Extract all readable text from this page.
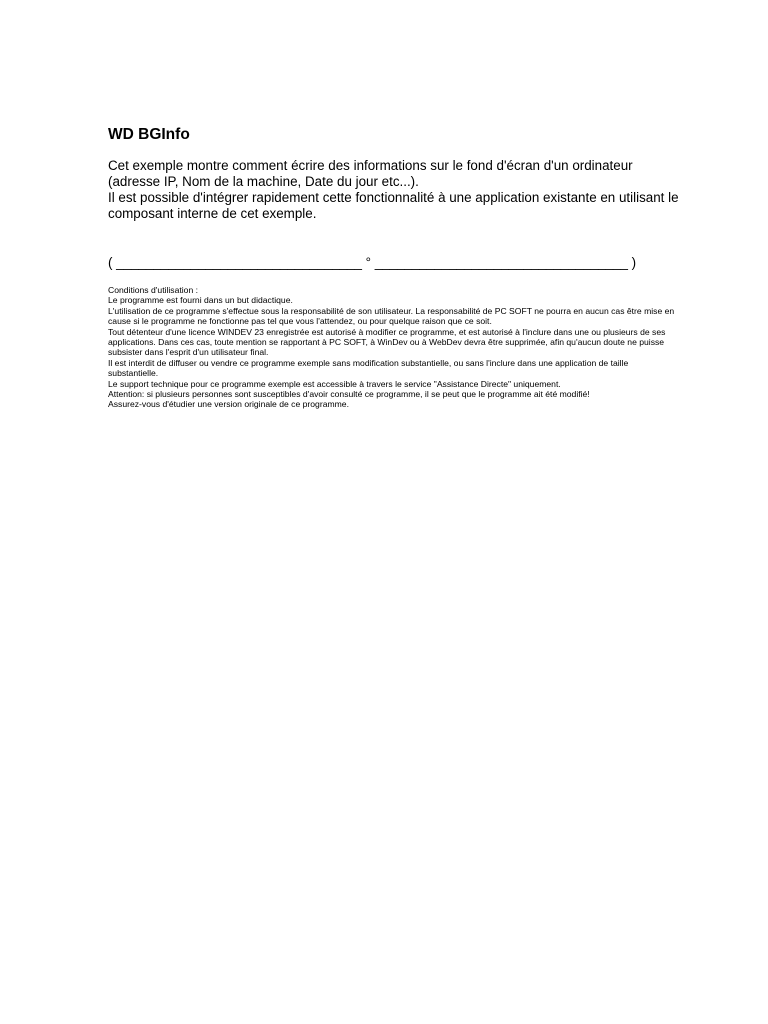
WD BGInfo

Cet exemple montre comment écrire des informations sur le fond d'écran d'un ordinateur (adresse IP, Nom de la machine, Date du jour etc...).

Il est possible d'intégrer rapidement cette fonctionnalité à une application existante en utilisant le composant interne de cet exemple.

( _________________________________ ° __________________________________ )

Conditions d'utilisation :

Le programme est fourni dans un but didactique.

L'utilisation de ce programme s'effectue sous la responsabilité de son utilisateur. La responsabilité de PC SOFT ne pourra en aucun cas être mise en cause si le programme ne fonctionne pas tel que vous l'attendez, ou pour quelque raison que ce soit.

Tout détenteur d'une licence WINDEV 23 enregistrée est autorisé à modifier ce programme, et est autorisé à l'inclure dans une ou plusieurs de ses applications. Dans ces cas, toute mention se rapportant à PC SOFT, à WinDev ou à WebDev devra être supprimée, afin qu'aucun doute ne puisse subsister dans l'esprit d'un utilisateur final.

Il est interdit de diffuser ou vendre ce programme exemple sans modification substantielle, ou sans l'inclure dans une application de taille substantielle.

Le support technique pour ce programme exemple est accessible à travers le service "Assistance Directe" uniquement.

Attention: si plusieurs personnes sont susceptibles d'avoir consulté ce programme, il se peut que le programme ait été modifié!

Assurez-vous d'étudier une version originale de ce programme.
